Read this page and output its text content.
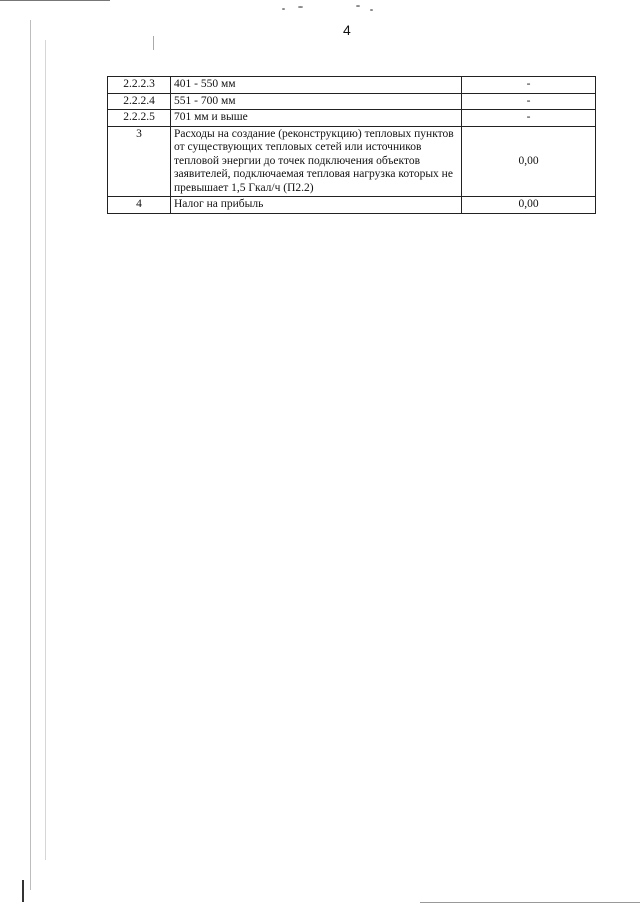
4
2.2.2.3	401 - 550 мм	-
2.2.2.4	551 - 700 мм	-
2.2.2.5	701 мм и выше	-
3	Расходы на создание (реконструкцию) тепловых пунктов от существующих тепловых сетей или источников тепловой энергии до точек подключения объектов заявителей, подключаемая тепловая нагрузка которых не превышает 1,5 Гкал/ч (П2.2)	0,00
4	Налог на прибыль	0,00
